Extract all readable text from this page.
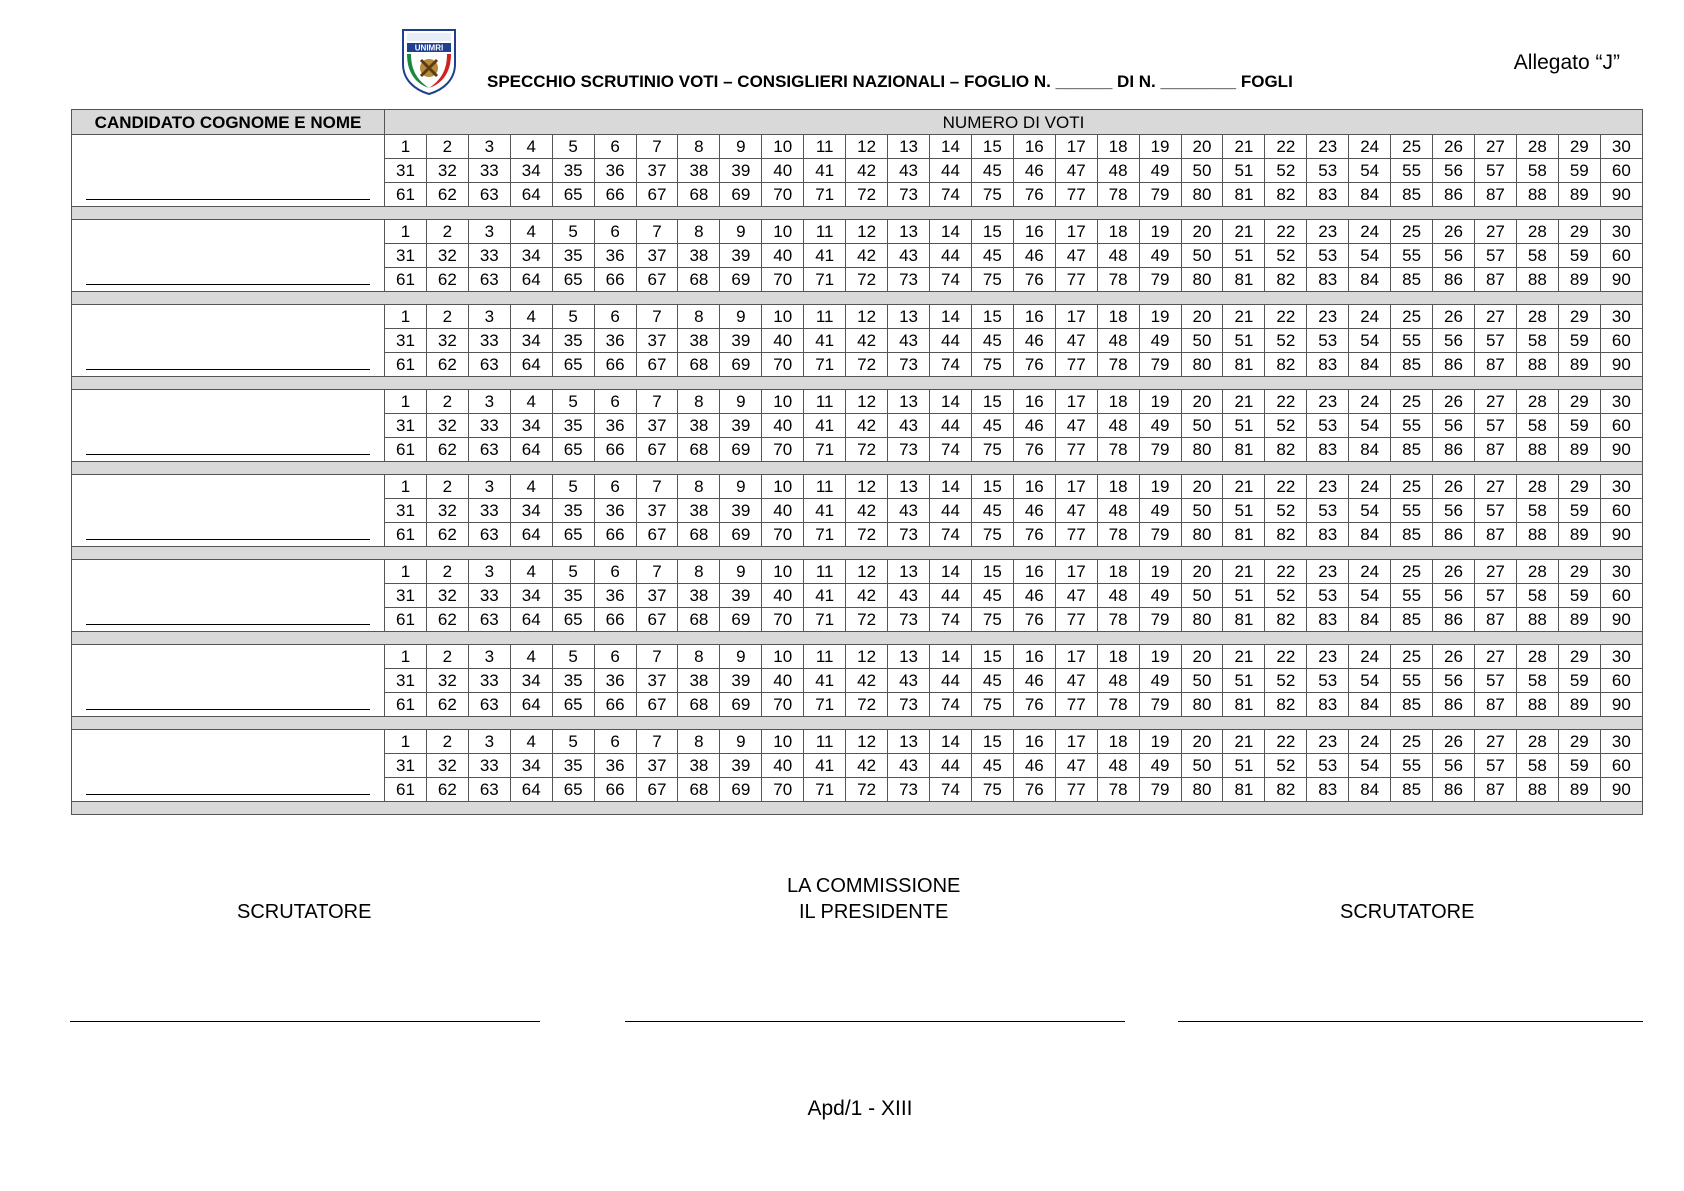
UNIMRI
Allegato “J”
SPECCHIO SCRUTINIO VOTI – CONSIGLIERI NAZIONALI – FOGLIO N. ______ DI N. ________ FOGLI
CANDIDATO COGNOME E NOME	NUMERO DI VOTI																													

	1	2	3	4	5	6	7	8	9	10	11	12	13	14	15	16	17	18	19	20	21	22	23	24	25	26	27	28	29	30
	31	32	33	34	35	36	37	38	39	40	41	42	43	44	45	46	47	48	49	50	51	52	53	54	55	56	57	58	59	60
	61	62	63	64	65	66	67	68	69	70	71	72	73	74	75	76	77	78	79	80	81	82	83	84	85	86	87	88	89	90

	1	2	3	4	5	6	7	8	9	10	11	12	13	14	15	16	17	18	19	20	21	22	23	24	25	26	27	28	29	30
	31	32	33	34	35	36	37	38	39	40	41	42	43	44	45	46	47	48	49	50	51	52	53	54	55	56	57	58	59	60
	61	62	63	64	65	66	67	68	69	70	71	72	73	74	75	76	77	78	79	80	81	82	83	84	85	86	87	88	89	90

	1	2	3	4	5	6	7	8	9	10	11	12	13	14	15	16	17	18	19	20	21	22	23	24	25	26	27	28	29	30
	31	32	33	34	35	36	37	38	39	40	41	42	43	44	45	46	47	48	49	50	51	52	53	54	55	56	57	58	59	60
	61	62	63	64	65	66	67	68	69	70	71	72	73	74	75	76	77	78	79	80	81	82	83	84	85	86	87	88	89	90

	1	2	3	4	5	6	7	8	9	10	11	12	13	14	15	16	17	18	19	20	21	22	23	24	25	26	27	28	29	30
	31	32	33	34	35	36	37	38	39	40	41	42	43	44	45	46	47	48	49	50	51	52	53	54	55	56	57	58	59	60
	61	62	63	64	65	66	67	68	69	70	71	72	73	74	75	76	77	78	79	80	81	82	83	84	85	86	87	88	89	90

	1	2	3	4	5	6	7	8	9	10	11	12	13	14	15	16	17	18	19	20	21	22	23	24	25	26	27	28	29	30
	31	32	33	34	35	36	37	38	39	40	41	42	43	44	45	46	47	48	49	50	51	52	53	54	55	56	57	58	59	60
	61	62	63	64	65	66	67	68	69	70	71	72	73	74	75	76	77	78	79	80	81	82	83	84	85	86	87	88	89	90

	1	2	3	4	5	6	7	8	9	10	11	12	13	14	15	16	17	18	19	20	21	22	23	24	25	26	27	28	29	30
	31	32	33	34	35	36	37	38	39	40	41	42	43	44	45	46	47	48	49	50	51	52	53	54	55	56	57	58	59	60
	61	62	63	64	65	66	67	68	69	70	71	72	73	74	75	76	77	78	79	80	81	82	83	84	85	86	87	88	89	90

	1	2	3	4	5	6	7	8	9	10	11	12	13	14	15	16	17	18	19	20	21	22	23	24	25	26	27	28	29	30
	31	32	33	34	35	36	37	38	39	40	41	42	43	44	45	46	47	48	49	50	51	52	53	54	55	56	57	58	59	60
	61	62	63	64	65	66	67	68	69	70	71	72	73	74	75	76	77	78	79	80	81	82	83	84	85	86	87	88	89	90

	1	2	3	4	5	6	7	8	9	10	11	12	13	14	15	16	17	18	19	20	21	22	23	24	25	26	27	28	29	30
	31	32	33	34	35	36	37	38	39	40	41	42	43	44	45	46	47	48	49	50	51	52	53	54	55	56	57	58	59	60
	61	62	63	64	65	66	67	68	69	70	71	72	73	74	75	76	77	78	79	80	81	82	83	84	85	86	87	88	89	90

SCRUTATORE
LA COMMISSIONE
IL PRESIDENTE	SCRUTATORE
Apd/1 - XIII
